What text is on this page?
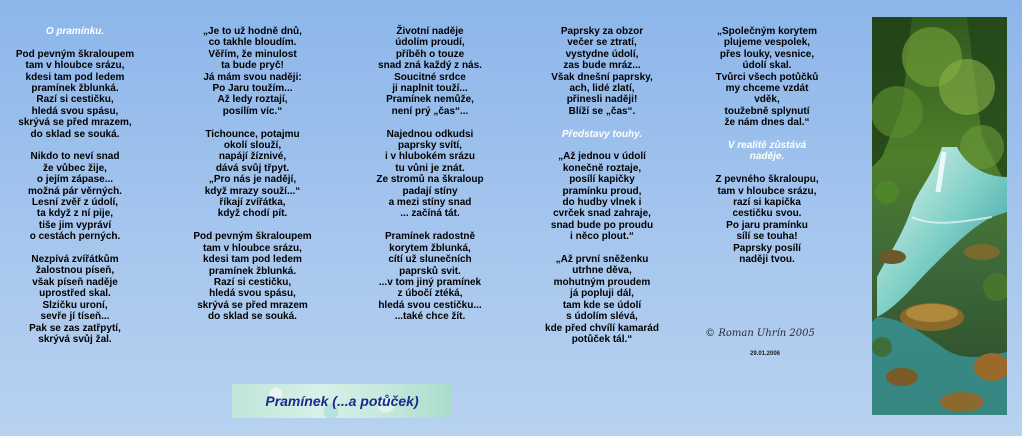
O pramínku.

Pod pevným škraloupem

tam v hloubce srázu,

kdesi tam pod ledem

pramínek žblunká.

Razí si cestičku,

hledá svou spásu,

skrývá se před mrazem,

do sklad se souká.

Nikdo to neví snad

že vůbec žije,

o jejím zápase...

možná pár věrných.

Lesní zvěř z údolí,

ta když z ní pije,

tiše jim vypráví

o cestách perných.

Nezpívá zvířátkům

žalostnou píseň,

však píseň naděje

uprostřed skal.

Slzičku uroní,

sevře jí tíseň...

Pak se zas zatřpytí,

skrývá svůj žal.

„Je to už hodně dnů,

co takhle bloudím.

Věřím, že minulost

ta bude pryč!

Já mám svou naději:

Po Jaru toužím...

Až ledy roztají,

posílím víc.“

Tichounce, potajmu

okolí slouží,

napájí žíznivé,

dává svůj třpyt.

„Pro nás je nadějí,

když mrazy souží...“

říkají zvířátka,

když chodí pít.

Pod pevným škraloupem

tam v hloubce srázu,

kdesi tam pod ledem

pramínek žblunká.

Razí si cestičku,

hledá svou spásu,

skrývá se před mrazem

do sklad se souká.

Životní naděje

údolím proudí,

příběh o touze

snad zná každý z nás.

Soucitné srdce

ji naplnit touží...

Pramínek nemůže,

není prý „čas“...

Najednou odkudsi

paprsky svítí,

i v hlubokém srázu

tu vůni je znát.

Ze stromů na škraloup

padají stíny

a mezi stíny snad

... začíná tát.

Pramínek radostně

korytem žblunká,

cítí už slunečních

paprsků svit.

...v tom jiný pramínek

z úbočí ztéká,

hledá svou cestičku...

...také chce žít.

Paprsky za obzor

večer se ztratí,

vystydne údolí,

zas bude mráz...

Však dnešní paprsky,

ach, lidé zlatí,

přinesli naději!

Blíží se „čas“.

Představy touhy.

„Až jednou v údolí

konečně roztaje,

posílí kapičky

pramínku proud,

do hudby vlnek i

cvrček snad zahraje,

snad bude po proudu

i něco plout.“

„Až první sněženku

utrhne děva,

mohutným proudem

já popluji dál,

tam kde se údolí

s údolím slévá,

kde před chvílí kamarád

potůček tál.“

„Společným korytem

plujeme vespolek,

přes louky, vesnice,

údolí skal.

Tvůrci všech potůčků

my chceme vzdát

vděk,

toužebně splynutí

že nám dnes dal.“

V realitě zůstává

naděje.

Z pevného škraloupu,

tam v hloubce srázu,

razí si kapička

cestičku svou.

Po jaru pramínku

sílí se touha!

Paprsky posílí

naději tvou.

Pramínek (...a potůček)
© Roman Uhrín 2005
29.01.2006
